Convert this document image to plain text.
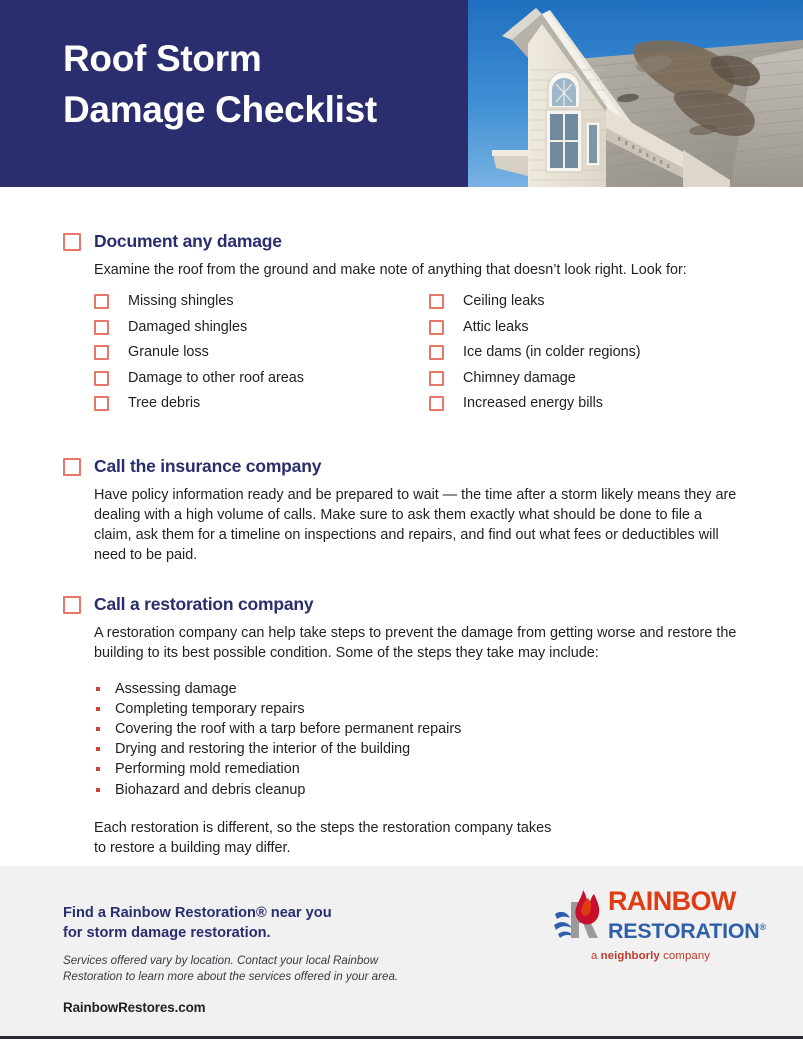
Roof Storm
Damage Checklist
Document any damage

Examine the roof from the ground and make note of anything that doesn’t look right. Look for:

Missing shingles
Damaged shingles
Granule loss
Damage to other roof areas
Tree debris
Ceiling leaks
Attic leaks
Ice dams (in colder regions)
Chimney damage
Increased energy bills
Call the insurance company

Have policy information ready and be prepared to wait — the time after a storm likely means they are dealing with a high volume of calls. Make sure to ask them exactly what should be done to file a claim, ask them for a timeline on inspections and repairs, and find out what fees or deductibles will need to be paid.

Call a restoration company

A restoration company can help take steps to prevent the damage from getting worse and restore the building to its best possible condition. Some of the steps they take may include:

Assessing damage
Completing temporary repairs
Covering the roof with a tarp before permanent repairs
Drying and restoring the interior of the building
Performing mold remediation
Biohazard and debris cleanup

Each restoration is different, so the steps the restoration company takes

to restore a building may differ.

Find a Rainbow Restoration® near you
for storm damage restoration.
Services offered vary by location. Contact your local Rainbow
Restoration to learn more about the services offered in your area.
RainbowRestores.com
RAINBOW
RESTORATION®
a neighborly company
